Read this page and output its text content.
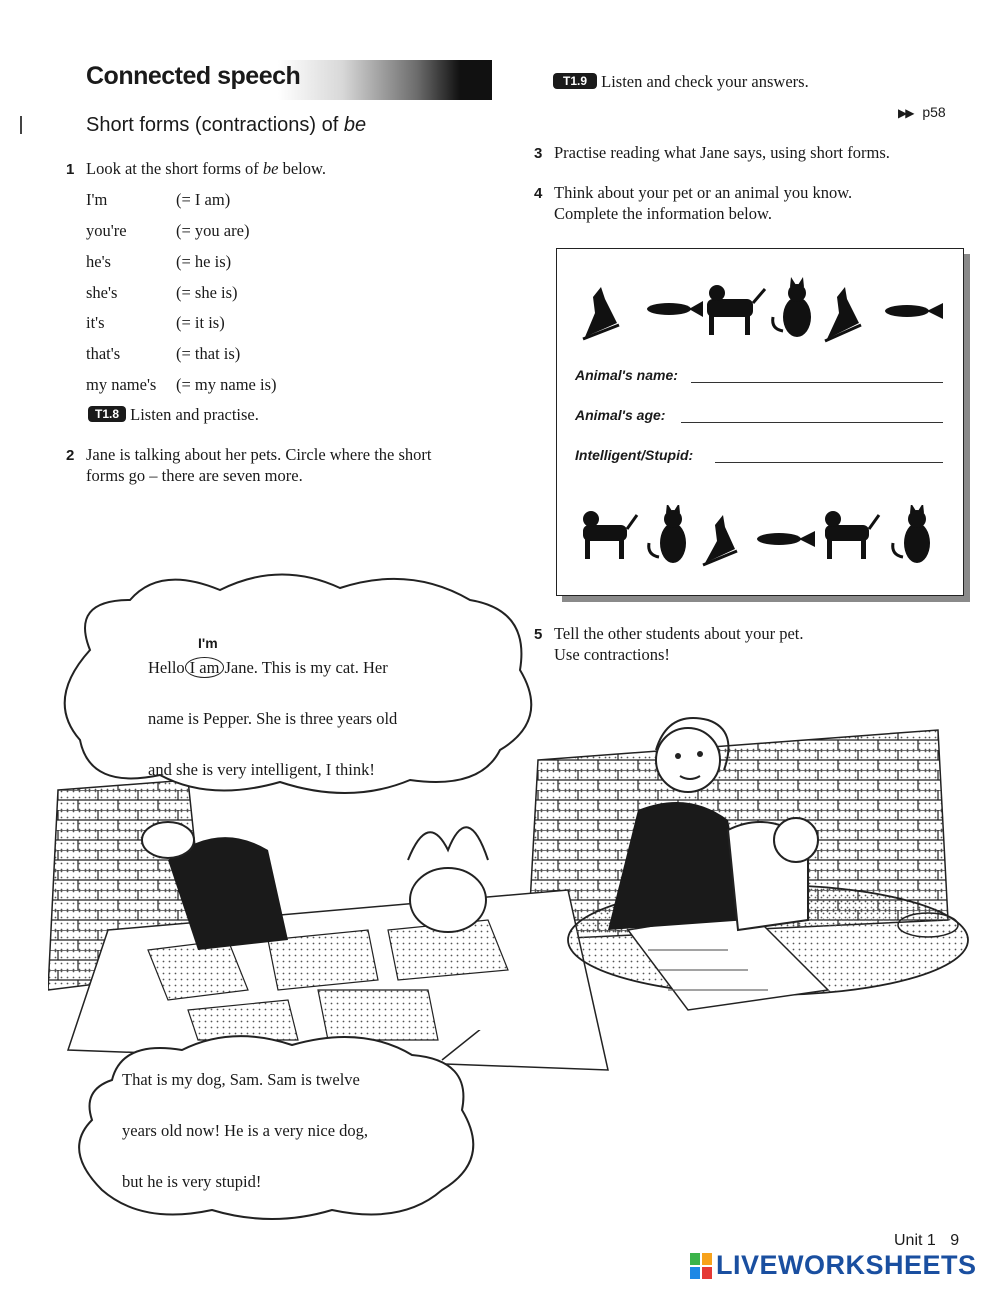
Connected speech
Short forms (contractions) of be
1 Look at the short forms of be below.
I'm	(= I am)
you're	(= you are)
he's	(= he is)
she's	(= she is)
it's	(= it is)
that's	(= that is)
my name's (= my name is)
T1.8 Listen and practise.
2 Jane is talking about her pets. Circle where the short
forms go – there are seven more.
T1.9 Listen and check your answers.
▶▶ p58
3 Practise reading what Jane says, using short forms.
4 Think about your pet or an animal you know.
Complete the information below.
Animal's name:
Animal's age:
Intelligent/Stupid:
5 Tell the other students about your pet.
Use contractions!
I'm
Hello I am Jane. This is my cat. Her
name is Pepper. She is three years old
and she is very intelligent, I think!
That is my dog, Sam. Sam is twelve
years old now! He is a very nice dog,
but he is very stupid!
Unit 1 9
LIVEWORKSHEETS
